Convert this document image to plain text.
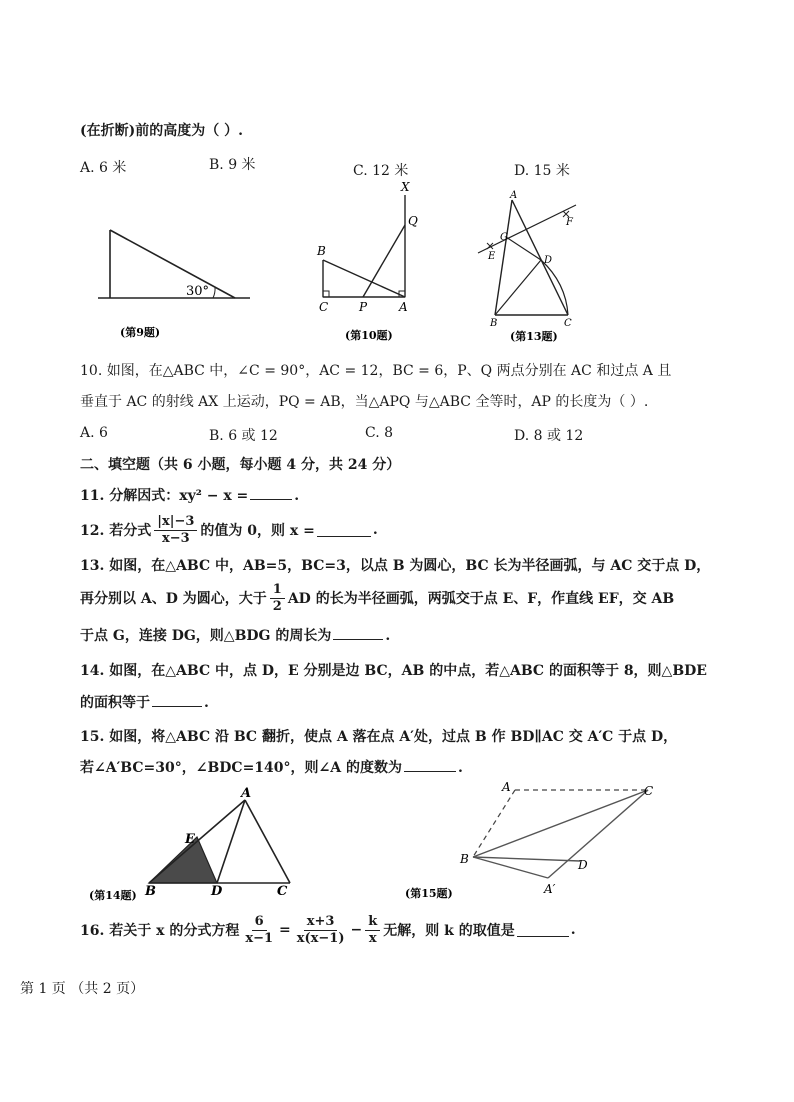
(在折断)前的高度为（ ）.
A. 6 米	B. 9 米	C. 12 米	D. 15 米
30°
(第9题)
X
Q
B
C	P	A
(第10题)
A
G
F
E	D
B	C
(第13题)
10. 如图，在△ABC 中，∠C = 90°，AC = 12，BC = 6，P、Q 两点分别在 AC 和过点 A 且
垂直于 AC 的射线 AX 上运动，PQ = AB，当△APQ 与△ABC 全等时，AP 的长度为（ ）.
A. 6	B. 6 或 12	C. 8	D. 8 或 12
二、填空题（共 6 小题，每小题 4 分，共 24 分）
11. 分解因式：xy² − x =	.
12. 若分式 $\frac{|x|-3}{x-3}$ 的值为 0，则 x =	.
13. 如图，在△ABC 中，AB=5，BC=3，以点 B 为圆心，BC 长为半径画弧，与 AC 交于点 D，
再分别以 A、D 为圆心，大于 $\frac{1}{2}$ AD 的长为半径画弧，两弧交于点 E、F，作直线 EF，交 AB
于点 G，连接 DG，则△BDG 的周长为	.
14. 如图，在△ABC 中，点 D，E 分别是边 BC，AB 的中点，若△ABC 的面积等于 8，则△BDE
的面积等于	.
15. 如图，将△ABC 沿 BC 翻折，使点 A 落在点 A′处，过点 B 作 BD∥AC 交 A′C 于点 D，
若∠A′BC=30°，∠BDC=140°，则∠A 的度数为	.
A
E
B	D	C
(第14题)
A	C
B	D
A′
(第15题)
16. 若关于 x 的分式方程 $\frac{6}{x-1} = \frac{x+3}{x(x-1)} - \frac{k}{x}$ 无解，则 k 的取值是	.
第 1 页 （共 2 页）
